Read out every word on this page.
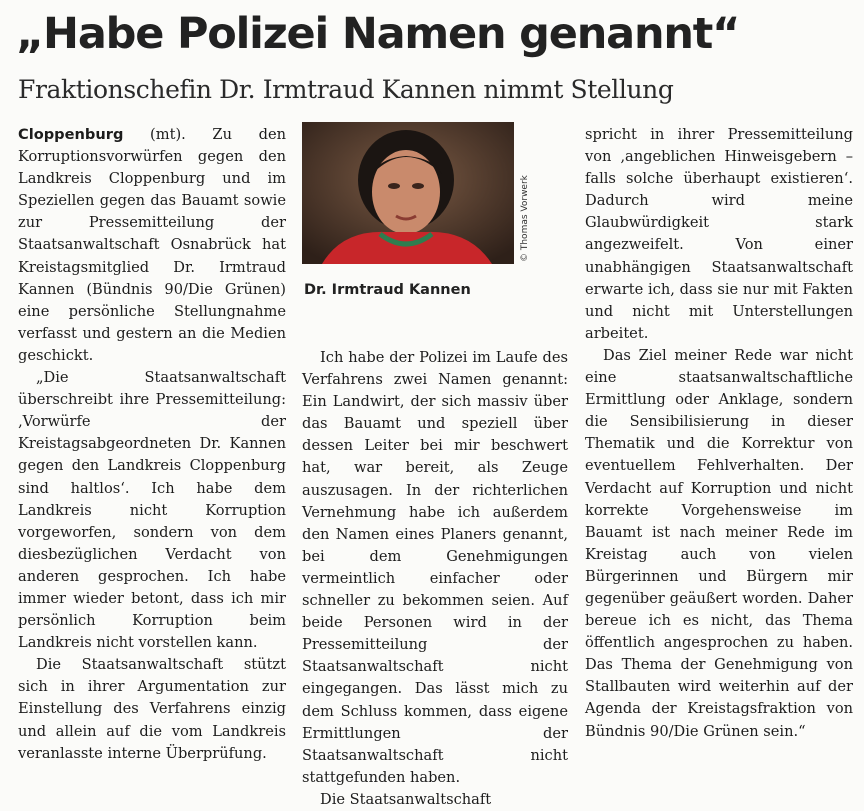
„Habe Polizei Namen genannt“
Fraktionschefin Dr. Irmtraud Kannen nimmt Stellung

Cloppenburg (mt). Zu den Korruptionsvorwürfen gegen den Landkreis Cloppenburg und im Speziellen gegen das Bauamt sowie zur Pressemitteilung der Staatsanwaltschaft Osnabrück hat Kreistagsmitglied Dr. Irmtraud Kannen (Bündnis 90/Die Grünen) eine persönliche Stellungnahme verfasst und gestern an die Medien geschickt.

„Die Staatsanwaltschaft überschreibt ihre Pressemitteilung: ‚Vorwürfe der Kreistagsabgeordneten Dr. Kannen gegen den Landkreis Cloppenburg sind haltlos‘. Ich habe dem Landkreis nicht Korruption vorgeworfen, sondern von dem diesbezüglichen Verdacht von anderen gesprochen. Ich habe immer wieder betont, dass ich mir persönlich Korruption beim Landkreis nicht vorstellen kann.

Die Staatsanwaltschaft stützt sich in ihrer Argumentation zur Einstellung des Verfahrens einzig und allein auf die vom Landkreis veranlasste interne Überprüfung.

© Thomas Vorwerk
Dr. Irmtraud Kannen

Ich habe der Polizei im Laufe des Verfahrens zwei Namen genannt: Ein Landwirt, der sich massiv über das Bauamt und speziell über dessen Leiter bei mir beschwert hat, war bereit, als Zeuge auszusagen. In der richterlichen Vernehmung habe ich außerdem den Namen eines Planers genannt, bei dem Genehmigungen vermeintlich einfacher oder schneller zu bekommen seien. Auf beide Personen wird in der Pressemitteilung der Staatsanwaltschaft nicht eingegangen. Das lässt mich zu dem Schluss kommen, dass eigene Ermittlungen der Staatsanwaltschaft nicht stattgefunden haben.

Die Staatsanwaltschaft

spricht in ihrer Pressemitteilung von ‚angeblichen Hinweisgebern – falls solche überhaupt existieren‘. Dadurch wird meine Glaubwürdigkeit stark angezweifelt. Von einer unabhängigen Staatsanwaltschaft erwarte ich, dass sie nur mit Fakten und nicht mit Unterstellungen arbeitet.

Das Ziel meiner Rede war nicht eine staatsanwaltschaftliche Ermittlung oder Anklage, sondern die Sensibilisierung in dieser Thematik und die Korrektur von eventuellem Fehlverhalten. Der Verdacht auf Korruption und nicht korrekte Vorgehensweise im Bauamt ist nach meiner Rede im Kreistag auch von vielen Bürgerinnen und Bürgern mir gegenüber geäußert worden. Daher bereue ich es nicht, das Thema öffentlich angesprochen zu haben. Das Thema der Genehmigung von Stallbauten wird weiterhin auf der Agenda der Kreistagsfraktion von Bündnis 90/Die Grünen sein.“
